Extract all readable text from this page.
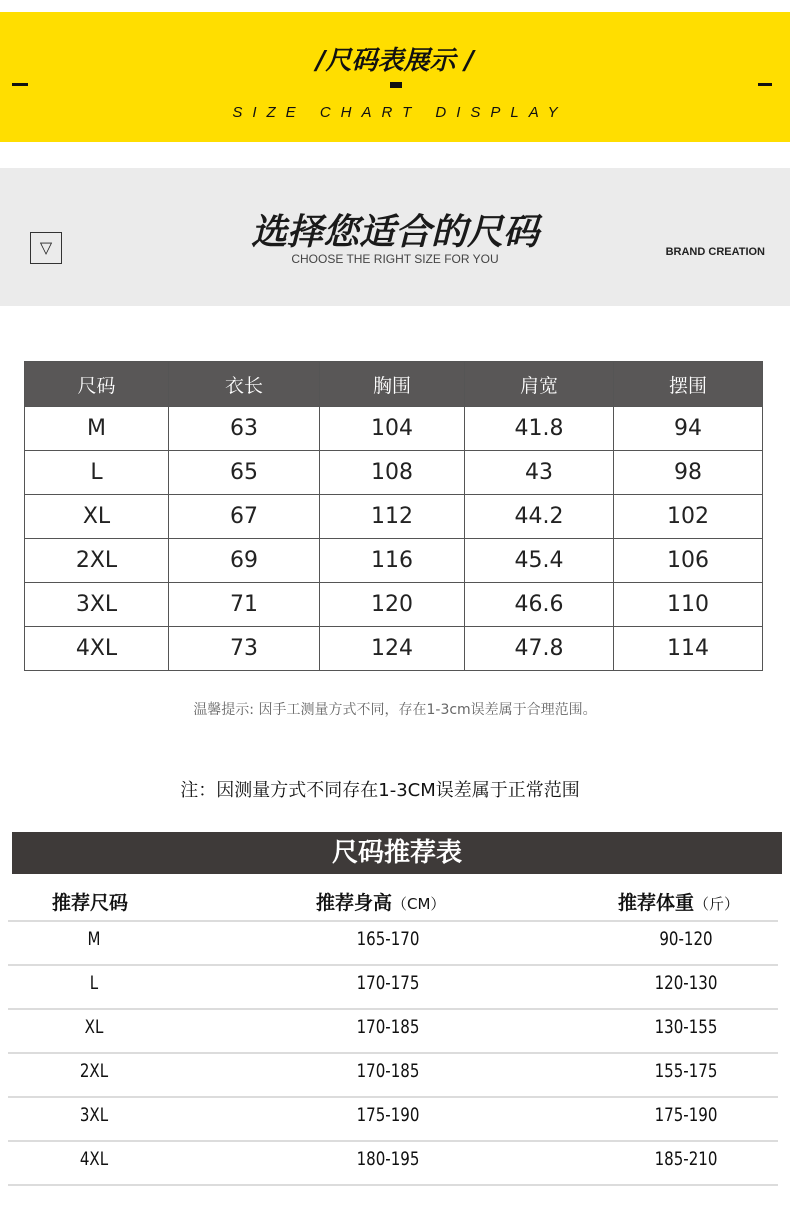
/尺码表展示 /
SIZE CHART DISPLAY
▽	选择您适合的尺码
CHOOSE THE RIGHT SIZE FOR YOU	BRAND CREATION
尺码	衣长	胸围	肩宽	摆围
M	63	104	41.8	94
L	65	108	43	98
XL	67	112	44.2	102
2XL	69	116	45.4	106
3XL	71	120	46.6	110
4XL	73	124	47.8	114
温馨提示: 因手工测量方式不同，存在1-3cm误差属于合理范围。
注：因测量方式不同存在1-3CM误差属于正常范围
尺码推荐表
推荐尺码	推荐身高（CM）	推荐体重（斤）
M	165-170	90-120
L	170-175	120-130
XL	170-185	130-155
2XL	170-185	155-175
3XL	175-190	175-190
4XL	180-195	185-210
